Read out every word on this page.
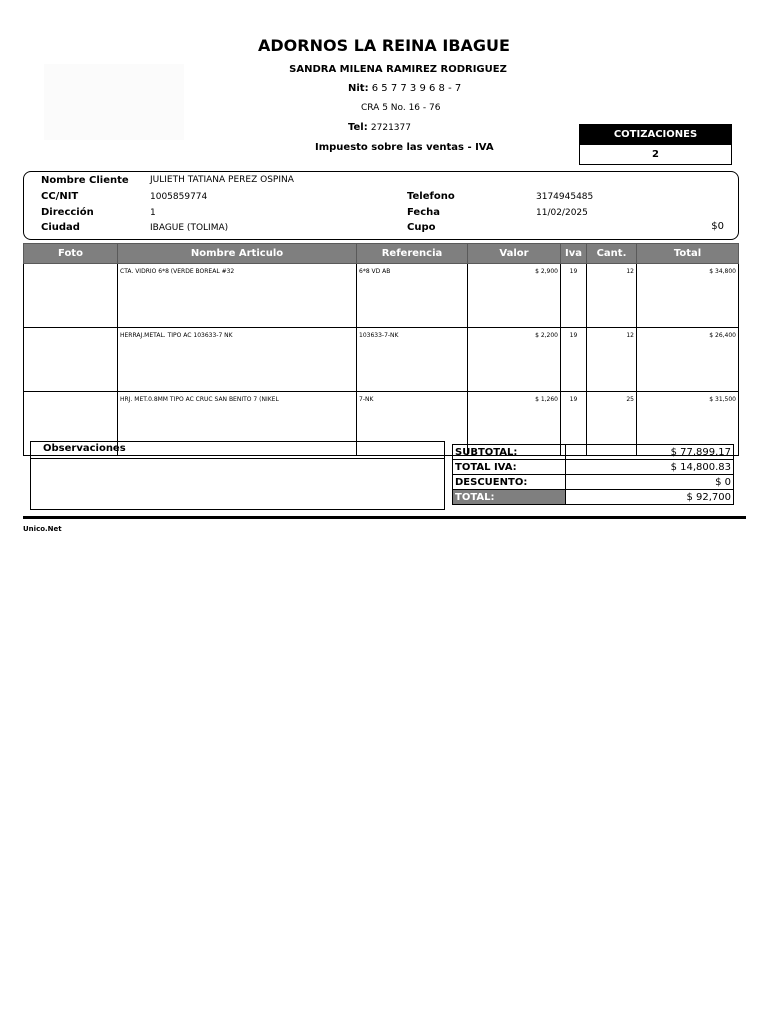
ADORNOS LA REINA IBAGUE
SANDRA MILENA RAMIREZ RODRIGUEZ
Nit: 6 5 7 7 3 9 6 8 - 7
CRA 5 No. 16 - 76
Tel: 2721377
Impuesto sobre las ventas - IVA
COTIZACIONES
2
Nombre Cliente JULIETH TATIANA PEREZ OSPINA
CC/NIT	1005859774
Dirección	1
Ciudad	IBAGUE (TOLIMA)
Telefono	3174945485
Fecha	11/02/2025
Cupo	$0
Foto	Nombre Articulo	Referencia	Valor	Iva	Cant.	Total
	CTA. VIDRIO 6*8 (VERDE BOREAL #32	6*8 VD AB	$ 2,900	19	12	$ 34,800
	HERRAJ.METAL. TIPO AC 103633-7 NK	103633-7-NK	$ 2,200	19	12	$ 26,400
	HRJ. MET.0.8MM TIPO AC CRUC SAN BENITO 7 (NIKEL	7-NK	$ 1,260	19	25	$ 31,500
Observaciones	SUBTOTAL:	$ 77,899.17
TOTAL IVA:	$ 14,800.83
DESCUENTO:	$ 0
TOTAL:	$ 92,700
Unico.Net
